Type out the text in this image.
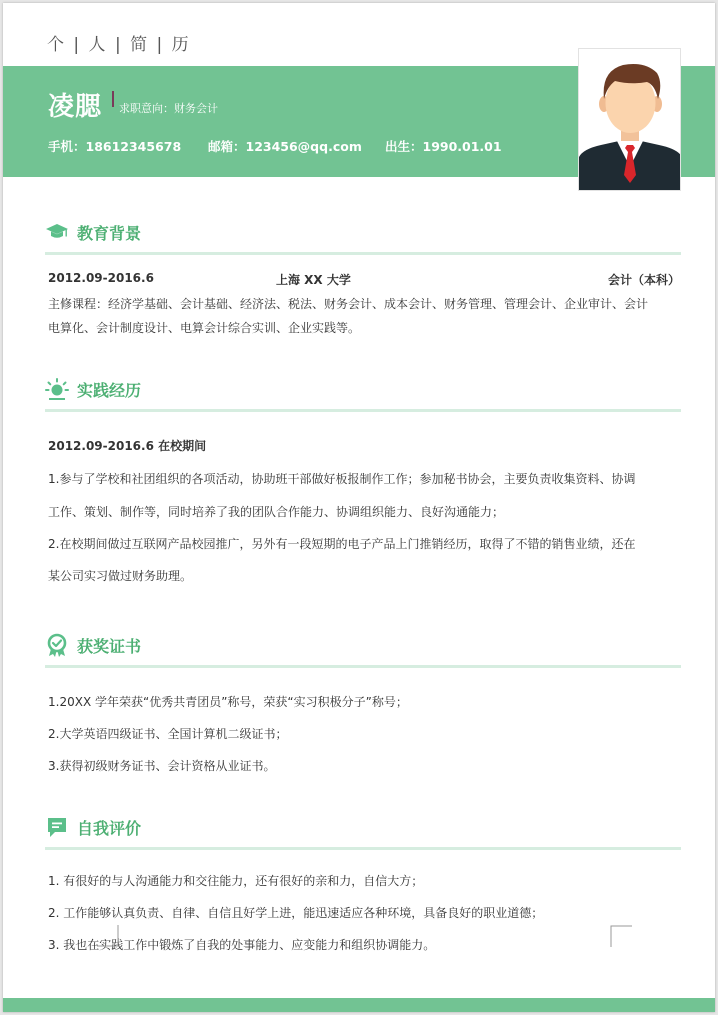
个 | 人 | 简 | 历
凌腮 求职意向：财务会计
手机：18612345678 邮箱：123456@qq.com 出生：1990.01.01
教育背景
2012.09-2016.6	上海 XX 大学	会计（本科）
主修课程：经济学基础、会计基础、经济法、税法、财务会计、成本会计、财务管理、管理会计、企业审计、会计
电算化、会计制度设计、电算会计综合实训、企业实践等。
实践经历
2012.09-2016.6 在校期间
1.参与了学校和社团组织的各项活动，协助班干部做好板报制作工作；参加秘书协会，主要负责收集资料、协调
工作、策划、制作等，同时培养了我的团队合作能力、协调组织能力、良好沟通能力；
2.在校期间做过互联网产品校园推广，另外有一段短期的电子产品上门推销经历，取得了不错的销售业绩，还在
某公司实习做过财务助理。
获奖证书
1.20XX 学年荣获“优秀共青团员”称号，荣获“实习积极分子”称号；
2.大学英语四级证书、全国计算机二级证书；
3.获得初级财务证书、会计资格从业证书。
自我评价
1. 有很好的与人沟通能力和交往能力，还有很好的亲和力，自信大方；
2. 工作能够认真负责、自律、自信且好学上进，能迅速适应各种环境，具备良好的职业道德；
3. 我也在实践工作中锻炼了自我的处事能力、应变能力和组织协调能力。
